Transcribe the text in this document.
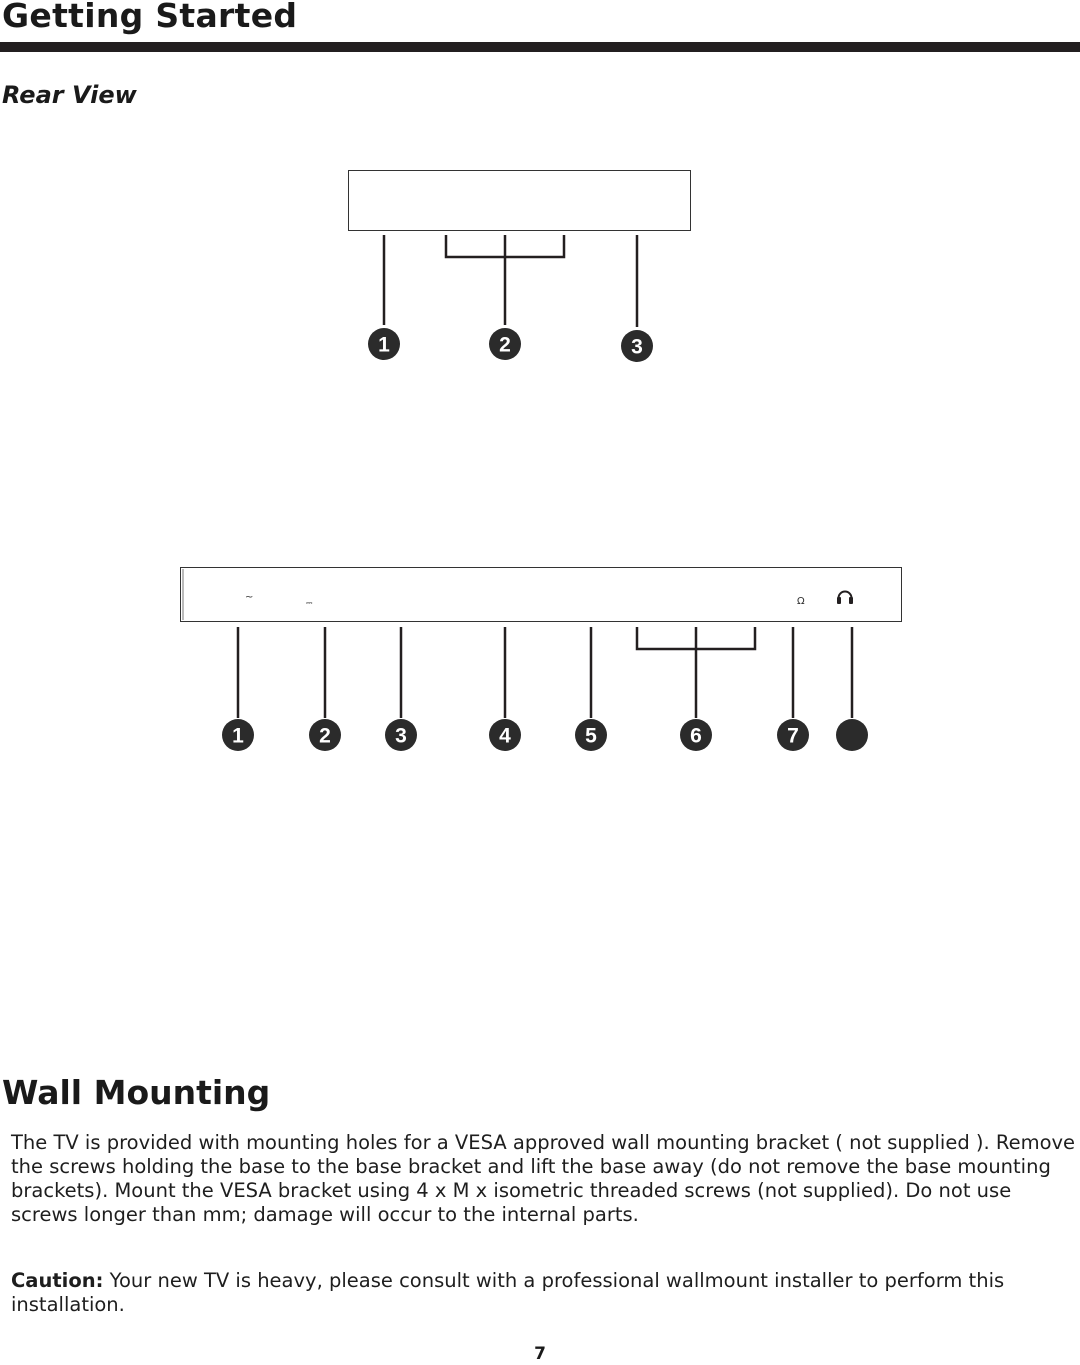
Getting Started
Rear View
1	2	3
~	⎓	Ω
1	2	3	4	5	6	7
Wall Mounting

The TV is provided with mounting holes for a VESA approved wall mounting bracket ( not supplied ). Remove the screws holding the base to the base bracket and lift the base away (do not remove the base mounting brackets). Mount the VESA bracket using 4 x M x isometric threaded screws (not supplied). Do not use screws longer than mm; damage will occur to the internal parts.

Caution: Your new TV is heavy, please consult with a professional wallmount installer to perform this installation.

7
